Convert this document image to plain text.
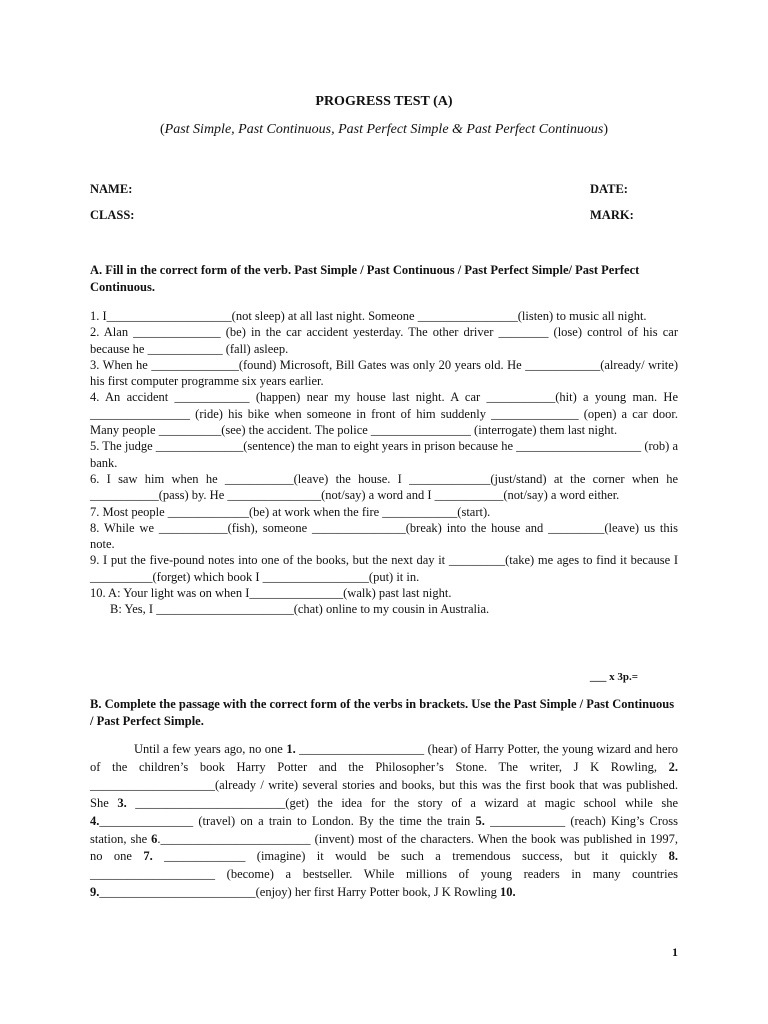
PROGRESS TEST (A)
(Past Simple, Past Continuous, Past Perfect Simple & Past Perfect Continuous)
NAME:	DATE:
CLASS:	MARK:
A. Fill in the correct form of the verb. Past Simple / Past Continuous / Past Perfect Simple/ Past Perfect Continuous.
1. I____________________(not sleep) at all last night. Someone ________________(listen) to music all night.
2. Alan ______________ (be) in the car accident yesterday. The other driver ________ (lose) control of his car because he ____________ (fall) asleep.
3. When he ______________(found) Microsoft, Bill Gates was only 20 years old. He ____________(already/ write) his first computer programme six years earlier.
4. An accident ____________ (happen) near my house last night. A car ___________(hit) a young man. He ________________ (ride) his bike when someone in front of him suddenly ______________ (open) a car door. Many people __________(see) the accident. The police ________________ (interrogate) them last night.
5. The judge ______________(sentence) the man to eight years in prison because he ____________________ (rob) a bank.
6. I saw him when he ___________(leave) the house. I _____________(just/stand) at the corner when he ___________(pass) by. He _______________(not/say) a word and I ___________(not/say) a word either.
7. Most people _____________(be) at work when the fire ____________(start).
8. While we ___________(fish), someone _______________(break) into the house and _________(leave) us this note.
9. I put the five-pound notes into one of the books, but the next day it _________(take) me ages to find it because I __________(forget) which book I _________________(put) it in.
10. A: Your light was on when I_______________(walk) past last night.
B: Yes, I ______________________(chat) online to my cousin in Australia.
___ x 3p.=
B. Complete the passage with the correct form of the verbs in brackets. Use the Past Simple / Past Continuous / Past Perfect Simple.
Until a few years ago, no one 1. ____________________ (hear) of Harry Potter, the young wizard and hero of the children’s book Harry Potter and the Philosopher’s Stone. The writer, J K Rowling, 2. ____________________(already / write) several stories and books, but this was the first book that was published. She 3. ________________________(get) the idea for the story of a wizard at magic school while she 4._______________ (travel) on a train to London. By the time the train 5. ____________ (reach) King’s Cross station, she 6.________________________ (invent) most of the characters. When the book was published in 1997, no one 7. _____________ (imagine) it would be such a tremendous success, but it quickly 8. ____________________ (become) a bestseller. While millions of young readers in many countries 9._________________________(enjoy) her first Harry Potter book, J K Rowling 10.
1
